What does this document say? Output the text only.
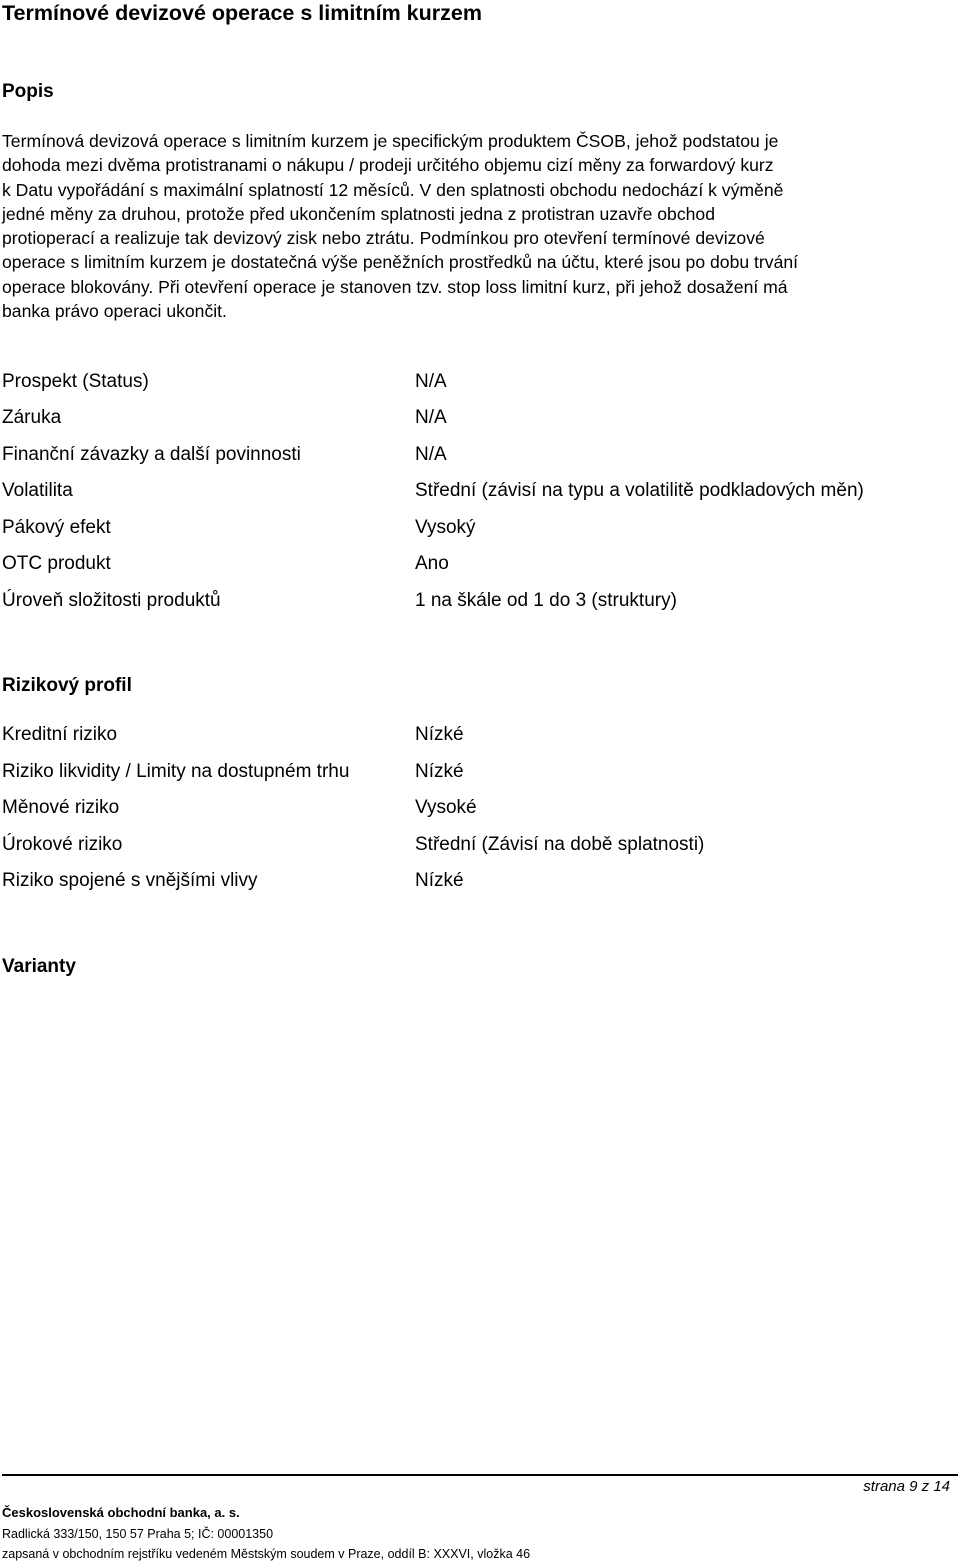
Termínové devizové operace s limitním kurzem
Popis
Termínová devizová operace s limitním kurzem je specifickým produktem ČSOB, jehož podstatou je
dohoda mezi dvěma protistranami o nákupu / prodeji určitého objemu cizí měny za forwardový kurz
k Datu vypořádání s maximální splatností 12 měsíců. V den splatnosti obchodu nedochází k výměně
jedné měny za druhou, protože před ukončením splatnosti jedna z protistran uzavře obchod
protioperací a realizuje tak devizový zisk nebo ztrátu. Podmínkou pro otevření termínové devizové
operace s limitním kurzem je dostatečná výše peněžních prostředků na účtu, které jsou po dobu trvání
operace blokovány. Při otevření operace je stanoven tzv. stop loss limitní kurz, při jehož dosažení má
banka právo operaci ukončit.
Prospekt (Status)	N/A
Záruka	N/A
Finanční závazky a další povinnosti	N/A
Volatilita	Střední (závisí na typu a volatilitě podkladových měn)
Pákový efekt	Vysoký
OTC produkt	Ano
Úroveň složitosti produktů	1 na škále od 1 do 3 (struktury)
Rizikový profil
Kreditní riziko	Nízké
Riziko likvidity / Limity na dostupném trhu	Nízké
Měnové riziko	Vysoké
Úrokové riziko	Střední (Závisí na době splatnosti)
Riziko spojené s vnějšími vlivy	Nízké
Varianty
strana 9 z 14
Československá obchodní banka, a. s.
Radlická 333/150, 150 57 Praha 5; IČ: 00001350
zapsaná v obchodním rejstříku vedeném Městským soudem v Praze, oddíl B: XXXVI, vložka 46
